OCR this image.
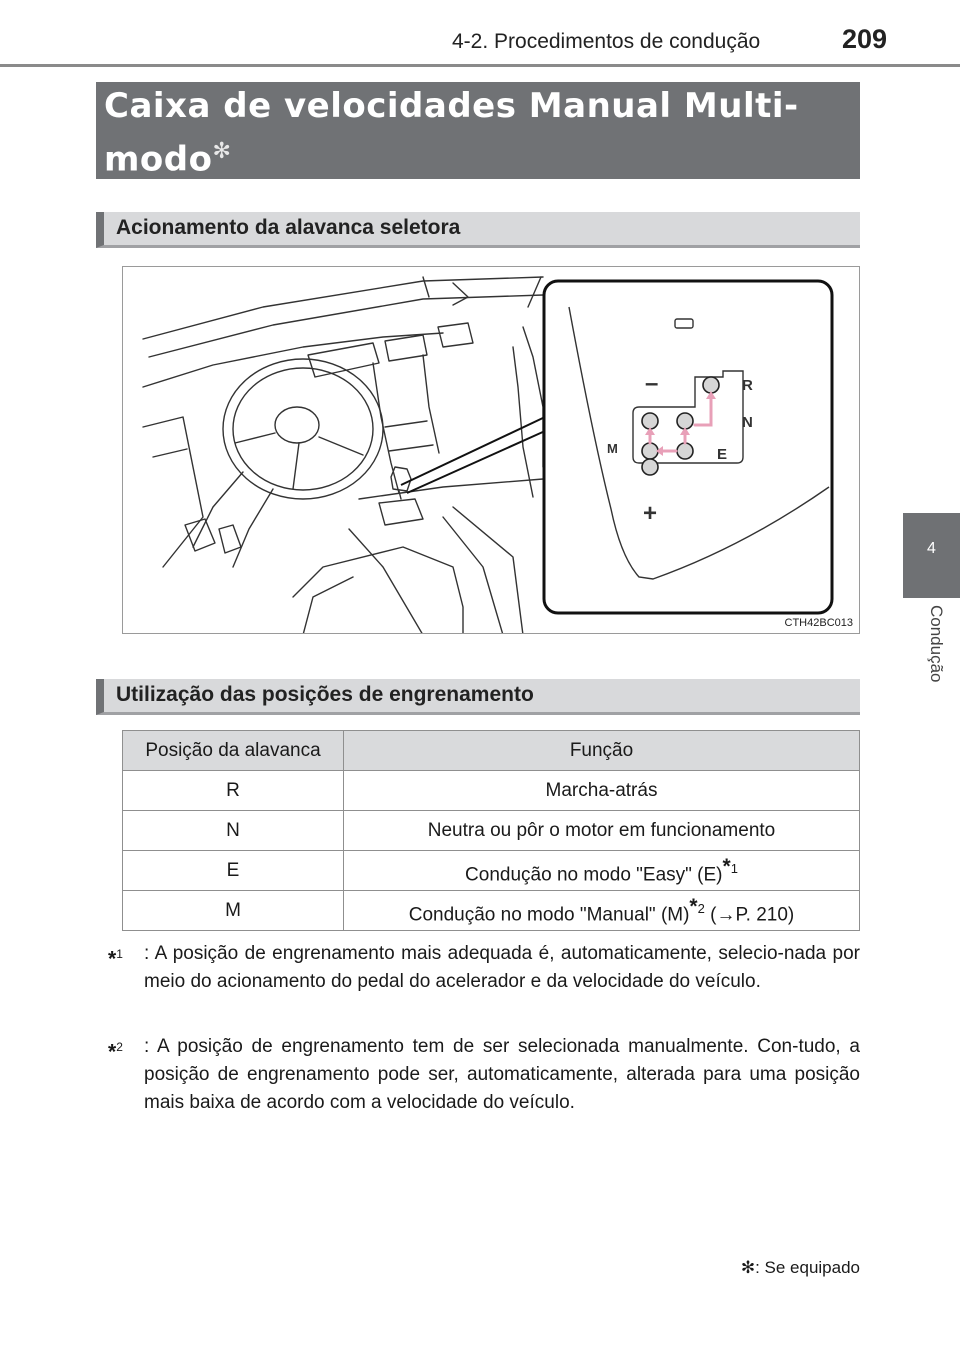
4-2. Procedimentos de condução	209
4
Condução
Caixa de velocidades Manual Multi-modo✻
Acionamento da alavanca seletora
–
+
R
N
E
M
CTH42BC013
Utilização das posições de engrenamento
Posição da alavanca	Função
R	Marcha-atrás
N	Neutra ou pôr o motor em funcionamento
E	Condução no modo "Easy" $(E)^{*1}$
M	Condução no modo "Manual" $(M)^{*2}$ (→P. 210)
*$^1$	: A posição de engrenamento mais adequada é, automaticamente, selecio-nada por meio do acionamento do pedal do acelerador e da velocidade do veículo.
*$^2$	: A posição de engrenamento tem de ser selecionada manualmente. Con-tudo, a posição de engrenamento pode ser, automaticamente, alterada para uma posição mais baixa de acordo com a velocidade do veículo.
✻: Se equipado
